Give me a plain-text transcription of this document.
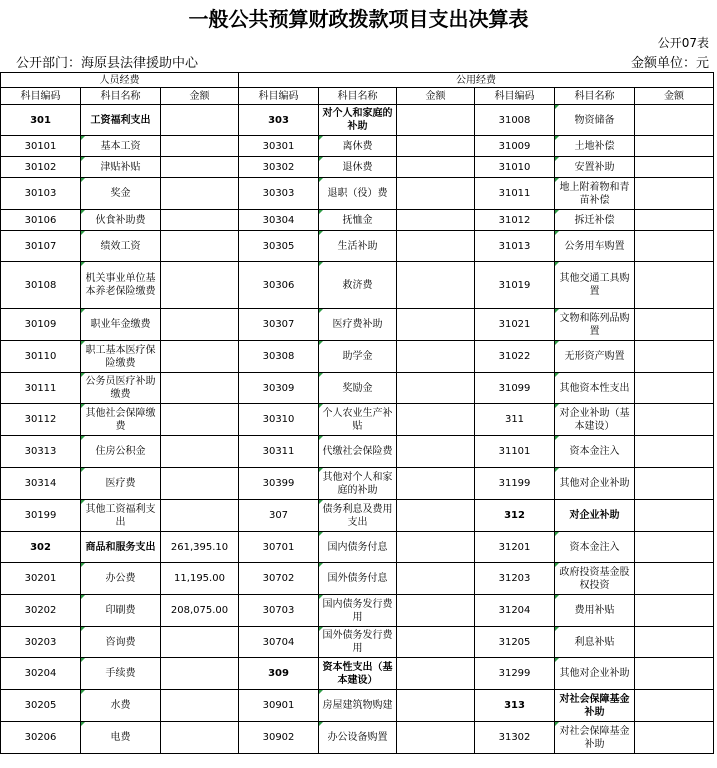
一般公共预算财政拨款项目支出决算表
公开07表
公开部门：海原县法律援助中心	金额单位：元
人员经费			公用经费					
科目编码	科目名称	金额	科目编码	科目名称	金额	科目编码	科目名称	金额
301	工资福利支出		303	对个人和家庭的补助		31008	物资储备	
30101	基本工资		30301	离休费		31009	土地补偿	
30102	津贴补贴		30302	退休费		31010	安置补助	
30103	奖金		30303	退职（役）费		31011	地上附着物和青苗补偿	
30106	伙食补助费		30304	抚恤金		31012	拆迁补偿	
30107	绩效工资		30305	生活补助		31013	公务用车购置	
30108	机关事业单位基本养老保险缴费		30306	救济费		31019	其他交通工具购置	
30109	职业年金缴费		30307	医疗费补助		31021	文物和陈列品购置	
30110	职工基本医疗保险缴费		30308	助学金		31022	无形资产购置	
30111	公务员医疗补助缴费		30309	奖励金		31099	其他资本性支出	
30112	其他社会保障缴费		30310	个人农业生产补贴		311	对企业补助（基本建设）	
30313	住房公积金		30311	代缴社会保险费		31101	资本金注入	
30314	医疗费		30399	其他对个人和家庭的补助		31199	其他对企业补助	
30199	其他工资福利支出		307	债务利息及费用支出		312	对企业补助	
302	商品和服务支出	261,395.10	30701	国内债务付息		31201	资本金注入	
30201	办公费	11,195.00	30702	国外债务付息		31203	政府投资基金股权投资	
30202	印刷费	208,075.00	30703	国内债务发行费用		31204	费用补贴	
30203	咨询费		30704	国外债务发行费用		31205	利息补贴	
30204	手续费		309	资本性支出（基本建设）		31299	其他对企业补助	
30205	水费		30901	房屋建筑物购建		313	对社会保障基金补助	
30206	电费		30902	办公设备购置		31302	对社会保障基金补助	
